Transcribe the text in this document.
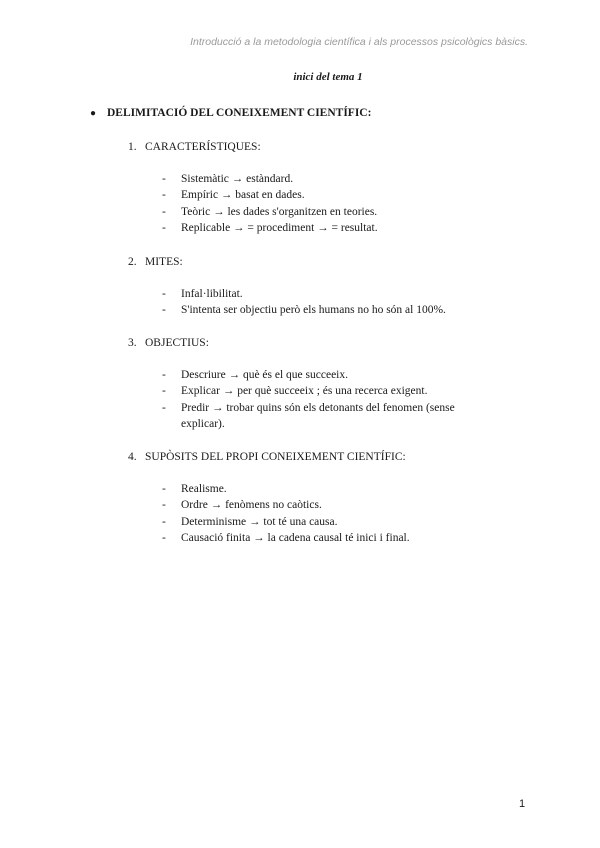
Introducció a la metodologia científica i als processos psicològics bàsics.
inici del tema 1
● DELIMITACIÓ DEL CONEIXEMENT CIENTÍFIC:
1. CARACTERÍSTIQUES:
-	Sistemàtic → estàndard.
-	Empíric → basat en dades.
-	Teòric → les dades s'organitzen en teories.
-	Replicable → = procediment → = resultat.
2. MITES:
-	Infal·libilitat.
-	S'intenta ser objectiu però els humans no ho són al 100%.
3. OBJECTIUS:
-	Descriure → què és el que succeeix.
-	Explicar → per què succeeix ; és una recerca exigent.
-	Predir → trobar quins són els detonants del fenomen (sense explicar).
4. SUPÒSITS DEL PROPI CONEIXEMENT CIENTÍFIC:
-	Realisme.
-	Ordre → fenòmens no caòtics.
-	Determinisme → tot té una causa.
-	Causació finita → la cadena causal té inici i final.
1
